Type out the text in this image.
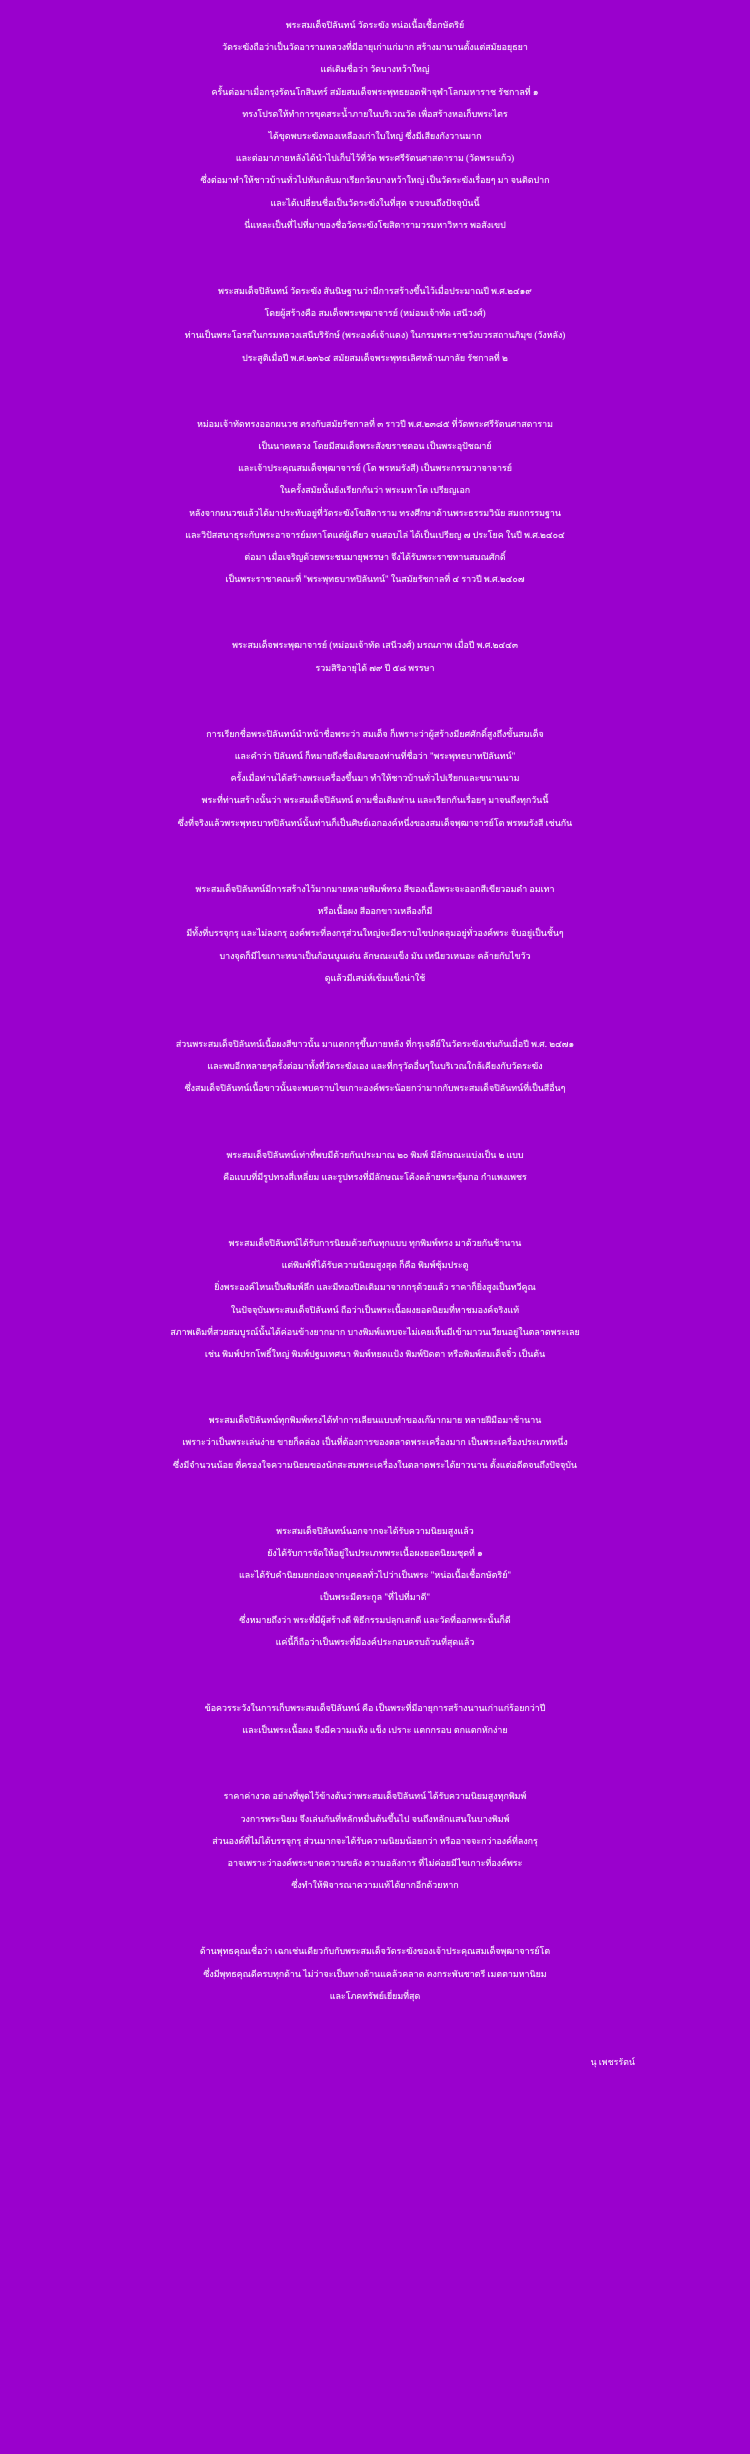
พระสมเด็จปิลันทน์ วัดระฆัง หน่อเนื้อเชื้อกษัตริย์
วัดระฆังถือว่าเป็นวัดอารามหลวงที่มีอายุเก่าแก่มาก สร้างมานานตั้งแต่สมัยอยุธยา
แต่เดิมชื่อว่า วัดบางหว้าใหญ่
ครั้นต่อมาเมื่อกรุงรัตนโกสินทร์ สมัยสมเด็จพระพุทธยอดฟ้าจุฬาโลกมหาราช รัชกาลที่ ๑
ทรงโปรดให้ทำการขุดสระน้ำภายในบริเวณวัด เพื่อสร้างหอเก็บพระไตร
ได้ขุดพบระฆังทองเหลืองเก่าใบใหญ่ ซึ่งมีเสียงกังวานมาก
และต่อมาภายหลังได้นำไปเก็บไว้ที่วัด พระศรีรัตนศาสดาราม (วัดพระแก้ว)
ซึ่งต่อมาทำให้ชาวบ้านทั่วไปหันกลับมาเรียกวัดบางหว้าใหญ่ เป็นวัดระฆังเรื่อยๆ มา จนติดปาก
และได้เปลี่ยนชื่อเป็นวัดระฆังในที่สุด จวบจนถึงปัจจุบันนี้
นี่แหละเป็นที่ไปที่มาของชื่อวัดระฆังโฆสิตารามวรมหาวิหาร พอสังเขป
พระสมเด็จปิลันทน์ วัดระฆัง สันนิษฐานว่ามีการสร้างขึ้นไว้เมื่อประมาณปี พ.ศ.๒๔๑๙
โดยผู้สร้างคือ สมเด็จพระพุฒาจารย์ (หม่อมเจ้าทัด เสนีวงศ์)
ท่านเป็นพระโอรสในกรมหลวงเสนีบริรักษ์ (พระองค์เจ้าแดง) ในกรมพระราชวังบวรสถานภิมุข (วังหลัง)
ประสูติเมื่อปี พ.ศ.๒๓๖๔ สมัยสมเด็จพระพุทธเลิศหล้านภาลัย รัชกาลที่ ๒
หม่อมเจ้าทัดทรงออกผนวช ตรงกับสมัยรัชกาลที่ ๓ ราวปี พ.ศ.๒๓๘๕ ที่วัดพระศรีรัตนศาสดาราม
เป็นนาคหลวง โดยมีสมเด็จพระสังฆราชตอน เป็นพระอุปัชฌาย์
และเจ้าประคุณสมเด็จพุฒาจารย์ (โต พรหมรังสี) เป็นพระกรรมวาจาจารย์
ในครั้งสมัยนั้นยังเรียกกันว่า พระมหาโต เปรียญเอก
หลังจากผนวชแล้วได้มาประทับอยู่ที่วัดระฆังโฆสิตาราม ทรงศึกษาด้านพระธรรมวินัย สมถกรรมฐาน
และวิปัสสนาธุระกับพระอาจารย์มหาโตแต่ผู้เดียว จนสอบไล่ ได้เป็นเปรียญ ๗ ประโยค ในปี พ.ศ.๒๔๐๔
ต่อมา เมื่อเจริญด้วยพระชนมายุพรรษา จึงได้รับพระราชทานสมณศักดิ์
เป็นพระราชาคณะที่ "พระพุทธบาทปิลันทน์" ในสมัยรัชกาลที่ ๔ ราวปี พ.ศ.๒๔๐๗
พระสมเด็จพระพุฒาจารย์ (หม่อมเจ้าทัด เสนีวงศ์) มรณภาพ เมื่อปี พ.ศ.๒๔๔๓
รวมสิริอายุได้ ๗๙ ปี ๕๘ พรรษา
การเรียกชื่อพระปิลันทน์นำหน้าชื่อพระว่า สมเด็จ ก็เพราะว่าผู้สร้างมียศศักดิ์สูงถึงขั้นสมเด็จ
และคำว่า ปิลันทน์ ก็หมายถึงชื่อเดิมของท่านที่ชื่อว่า "พระพุทธบาทปิลันทน์"
ครั้งเมื่อท่านได้สร้างพระเครื่องขึ้นมา ทำให้ชาวบ้านทั่วไปเรียกและขนานนาม
พระที่ท่านสร้างนั้นว่า พระสมเด็จปิลันทน์ ตามชื่อเดิมท่าน และเรียกกันเรื่อยๆ มาจนถึงทุกวันนี้
ซึ่งที่จริงแล้วพระพุทธบาทปิลันทน์นั้นท่านก็เป็นศิษย์เอกองค์หนึ่งของสมเด็จพุฒาจารย์โต พรหมรังสี เช่นกัน
พระสมเด็จปิลันทน์มีการสร้างไว้มากมายหลายพิมพ์ทรง สีของเนื้อพระจะออกสีเขียวอมดำ อมเทา
หรือเนื้อผง สีออกขาวเหลืองก็มี
มีทั้งที่บรรจุกรุ และไม่ลงกรุ องค์พระที่ลงกรุส่วนใหญ่จะมีคราบไขปกคลุมอยู่ทั่วองค์พระ จับอยู่เป็นชั้นๆ
บางจุดก็มีไขเกาะหนาเป็นก้อนนูนเด่น ลักษณะแข็ง มัน เหนียวเหนอะ คล้ายกับไขวัว
ดูแล้วมีเสน่ห์เข้มแข็งน่าใช้
ส่วนพระสมเด็จปิลันทน์เนื้อผงสีขาวนั้น มาแตกกรุขึ้นภายหลัง ที่กรุเจดีย์ในวัดระฆังเช่นกันเมื่อปี พ.ศ. ๒๔๗๑
และพบอีกหลายๆครั้งต่อมาทั้งที่วัดระฆังเอง และที่กรุวัดอื่นๆในบริเวณใกล้เคียงกับวัดระฆัง
ซึ่งสมเด็จปิลันทน์เนื้อขาวนั้นจะพบคราบไขเกาะองค์พระน้อยกว่ามากกับพระสมเด็จปิลันทน์ที่เป็นสีอื่นๆ
พระสมเด็จปิลันทน์เท่าที่พบมีด้วยกันประมาณ ๒๐ พิมพ์ มีลักษณะแบ่งเป็น ๒ แบบ
คือแบบที่มีรูปทรงสี่เหลี่ยม และรูปทรงที่มีลักษณะโค้งคล้ายพระซุ้มกอ กำแพงเพชร
พระสมเด็จปิลันทน์ได้รับการนิยมด้วยกันทุกแบบ ทุกพิมพ์ทรง มาด้วยกันช้านาน
แต่พิมพ์ที่ได้รับความนิยมสูงสุด ก็คือ พิมพ์ซุ้มประตู
ยิ่งพระองค์ไหนเป็นพิมพ์ลึก และมีทองปิดเดิมมาจากกรุด้วยแล้ว ราคาก็ยิ่งสูงเป็นทวีคูณ
ในปัจจุบันพระสมเด็จปิลันทน์ ถือว่าเป็นพระเนื้อผงยอดนิยมที่หาชมองค์จริงแท้
สภาพเดิมที่สวยสมบูรณ์นั้นได้ค่อนข้างยากมาก บางพิมพ์แทบจะไม่เคยเห็นมีเข้ามาวนเวียนอยู่ในตลาดพระเลย
เช่น พิมพ์ปรกโพธิ์ใหญ่ พิมพ์ปฐมเทศนา พิมพ์หยดแป้ง พิมพ์ปิดตา หรือพิมพ์สมเด็จจิ๋ว เป็นต้น
พระสมเด็จปิลันทน์ทุกพิมพ์ทรงได้ทำการเลียนแบบทำของเก๊มากมาย หลายฝีมือมาช้านาน
เพราะว่าเป็นพระเล่นง่าย ขายก็คล่อง เป็นที่ต้องการของตลาดพระเครื่องมาก เป็นพระเครื่องประเภทหนึ่ง
ซึ่งมีจำนวนน้อย ที่ครองใจความนิยมของนักสะสมพระเครื่องในตลาดพระได้ยาวนาน ตั้งแต่อดีตจนถึงปัจจุบัน
พระสมเด็จปิลันทน์นอกจากจะได้รับความนิยมสูงแล้ว
ยังได้รับการจัดให้อยู่ในประเภทพระเนื้อผงยอดนิยมชุดที่ ๑
และได้รับคำนิยมยกย่องจากบุคคลทั่วไปว่าเป็นพระ "หน่อเนื้อเชื้อกษัตริย์"
เป็นพระมีตระกูล "ที่ไปที่มาดี"
ซึ่งหมายถึงว่า พระที่มีผู้สร้างดี พิธีกรรมปลุกเสกดี และวัดที่ออกพระนั้นก็ดี
แค่นี้ก็ถือว่าเป็นพระที่มีองค์ประกอบครบถ้วนที่สุดแล้ว
ข้อควรระวังในการเก็บพระสมเด็จปิลันทน์ คือ เป็นพระที่มีอายุการสร้างนานเก่าแก่ร้อยกว่าปี
และเป็นพระเนื้อผง จึงมีความแห้ง แข็ง เปราะ แตกกรอบ ตกแตกหักง่าย
ราคาค่างวด อย่างที่พูดไว้ข้างต้นว่าพระสมเด็จปิลันทน์ ได้รับความนิยมสูงทุกพิมพ์
วงการพระนิยม จึงเล่นกันที่หลักหมื่นต้นขึ้นไป จนถึงหลักแสนในบางพิมพ์
ส่วนองค์ที่ไม่ได้บรรจุกรุ ส่วนมากจะได้รับความนิยมน้อยกว่า หรืออาจจะกว่าองค์ที่ลงกรุ
อาจเพราะว่าองค์พระขาดความขลัง ความอลังการ ที่ไม่ค่อยมีไขเกาะที่องค์พระ
ซึ่งทำให้พิจารณาความแท้ได้ยากอีกด้วยหาก
ด้านพุทธคุณเชื่อว่า เฉกเช่นเดียวกับกับพระสมเด็จวัดระฆังของเจ้าประคุณสมเด็จพุฒาจารย์โต
ซึ่งมีพุทธคุณดีครบทุกด้าน ไม่ว่าจะเป็นทางด้านแคล้วคลาด คงกระพันชาตรี เมตตามหานิยม
และโภคทรัพย์เยี่ยมที่สุด
นุ เพชรรัตน์
